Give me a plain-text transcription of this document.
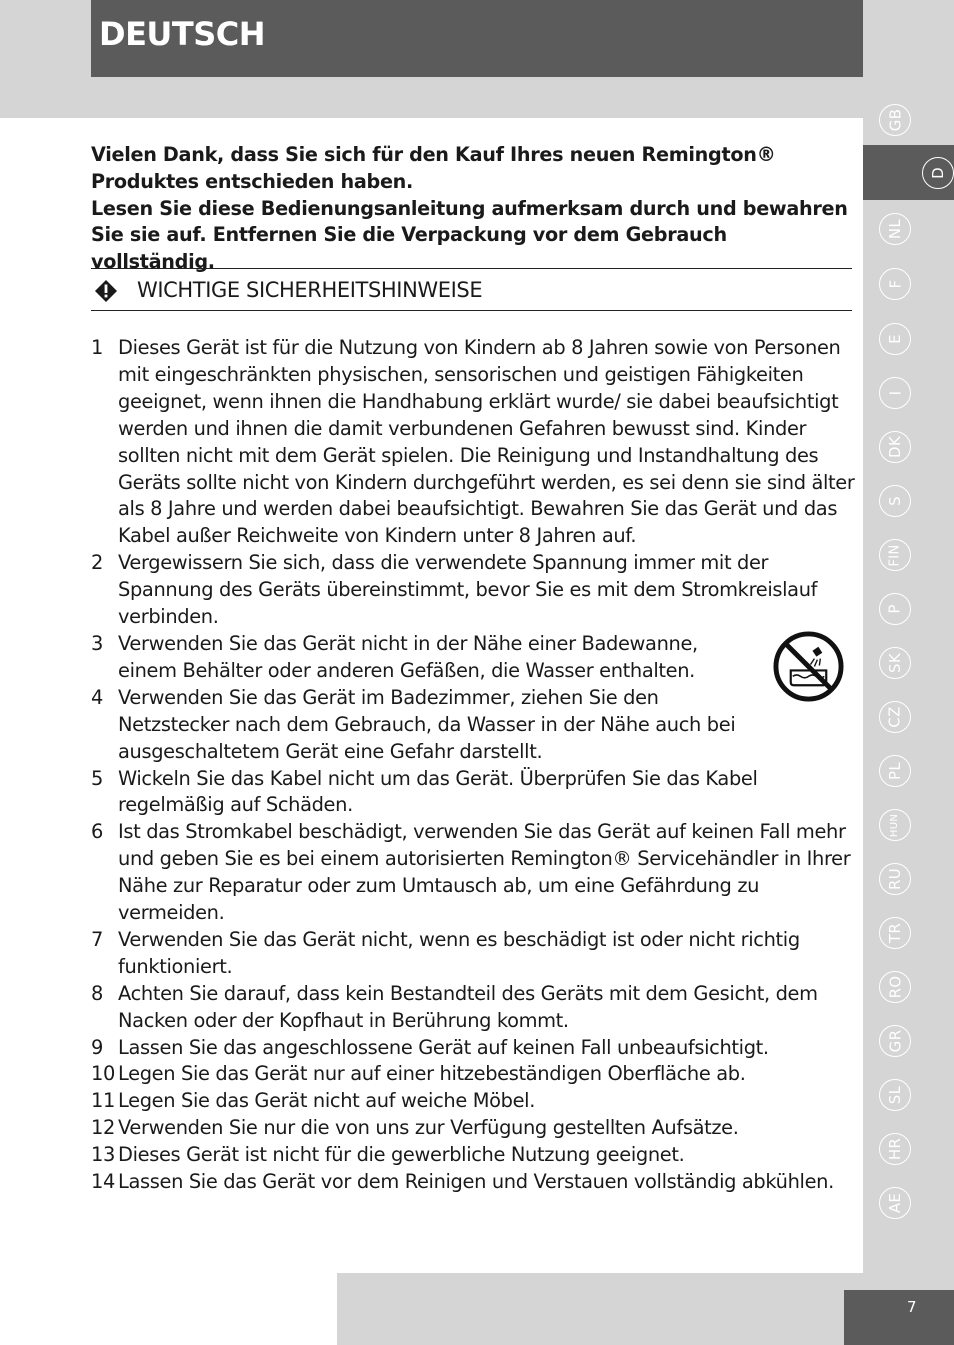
DEUTSCH

Vielen Dank, dass Sie sich für den Kauf Ihres neuen Remington® Produktes entschieden haben.

Lesen Sie diese Bedienungsanleitung aufmerksam durch und bewahren Sie sie auf. Entfernen Sie die Verpackung vor dem Gebrauch vollständig.

WICHTIGE SICHERHEITSHINWEISE
1 Dieses Gerät ist für die Nutzung von Kindern ab 8 Jahren sowie von Personen mit eingeschränkten physischen, sensorischen und geistigen Fähigkeiten geeignet, wenn ihnen die Handhabung erklärt wurde/ sie dabei beaufsichtigt werden und ihnen die damit verbundenen Gefahren bewusst sind. Kinder sollten nicht mit dem Gerät spielen. Die Reinigung und Instandhaltung des Geräts sollte nicht von Kindern durchgeführt werden, es sei denn sie sind älter als 8 Jahre und werden dabei beaufsichtigt. Bewahren Sie das Gerät und das Kabel außer Reichweite von Kindern unter 8 Jahren auf.
2 Vergewissern Sie sich, dass die verwendete Spannung immer mit der Spannung des Geräts übereinstimmt, bevor Sie es mit dem Stromkreislauf verbinden.
3 Verwenden Sie das Gerät nicht in der Nähe einer Badewanne, einem Behälter oder anderen Gefäßen, die Wasser enthalten.
4 Verwenden Sie das Gerät im Badezimmer, ziehen Sie den Netzstecker nach dem Gebrauch, da Wasser in der Nähe auch bei ausgeschaltetem Gerät eine Gefahr darstellt.
5 Wickeln Sie das Kabel nicht um das Gerät. Überprüfen Sie das Kabel regelmäßig auf Schäden.
6 Ist das Stromkabel beschädigt, verwenden Sie das Gerät auf keinen Fall mehr und geben Sie es bei einem autorisierten Remington® Servicehändler in Ihrer Nähe zur Reparatur oder zum Umtausch ab, um eine Gefährdung zu vermeiden.
7 Verwenden Sie das Gerät nicht, wenn es beschädigt ist oder nicht richtig funktioniert.
8 Achten Sie darauf, dass kein Bestandteil des Geräts mit dem Gesicht, dem Nacken oder der Kopfhaut in Berührung kommt.
9 Lassen Sie das angeschlossene Gerät auf keinen Fall unbeaufsichtigt.
10 Legen Sie das Gerät nur auf einer hitzebeständigen Oberfläche ab.
11 Legen Sie das Gerät nicht auf weiche Möbel.
12 Verwenden Sie nur die von uns zur Verfügung gestellten Aufsätze.
13 Dieses Gerät ist nicht für die gewerbliche Nutzung geeignet.
14 Lassen Sie das Gerät vor dem Reinigen und Verstauen vollständig abkühlen.
GB
D
NL
F
E
I
DK
S
FIN
P
SK
CZ
PL
HUN
RU
TR
RO
GR
SL
HR
AE
7
